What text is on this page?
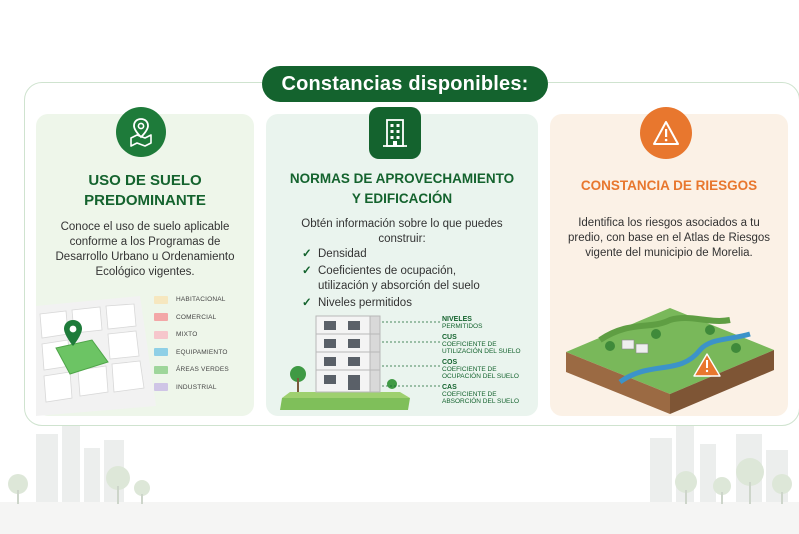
Constancias disponibles:
USO DE SUELO
PREDOMINANTE
Conoce el uso de suelo aplicable
conforme a los Programas de
Desarrollo Urbano u Ordenamiento
Ecológico vigentes.
HABITACIONAL
COMERCIAL
MIXTO
EQUIPAMIENTO
ÁREAS VERDES
INDUSTRIAL
NORMAS DE APROVECHAMIENTO
Y EDIFICACIÓN
Obtén información sobre lo que puedes
construir:
✓ Densidad
✓ Coeficientes de ocupación,
utilización y absorción del suelo
✓ Niveles permitidos
NIVELES
PERMITIDOS
CUS
COEFICIENTE DE
UTILIZACIÓN DEL SUELO
COS
COEFICIENTE DE
OCUPACIÓN DEL SUELO
CAS
COEFICIENTE DE
ABSORCIÓN DEL SUELO
CONSTANCIA DE RIESGOS
Identifica los riesgos asociados a tu
predio, con base en el Atlas de Riesgos
vigente del municipio de Morelia.
